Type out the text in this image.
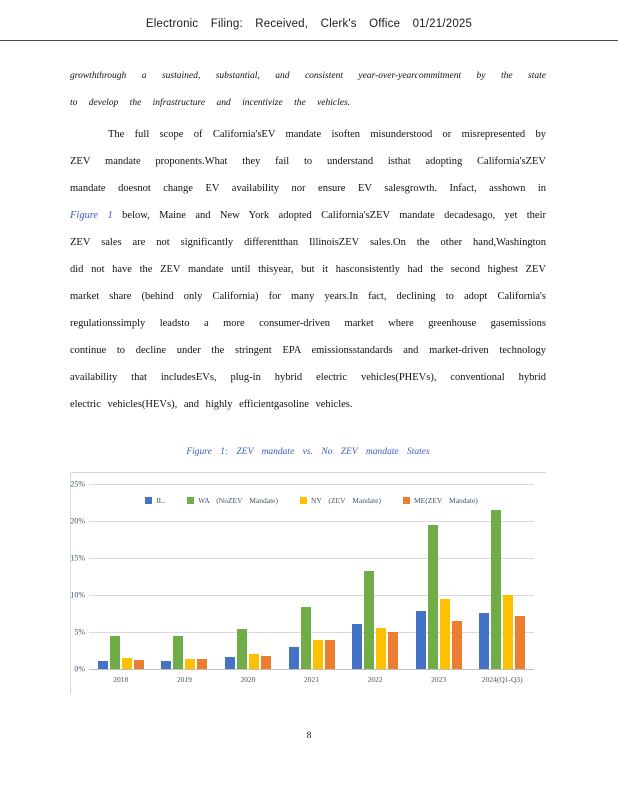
Electronic Filing: Received, Clerk's Office 01/21/2025
growththrough a sustained, substantial, and consistent year-over-yearcommitment by the state
to develop the infrastructure and incentivize the vehicles.
The full scope of California'sEV mandate isoften misunderstood or misrepresented by
ZEV mandate proponents.What they fail to understand isthat adopting California'sZEV
mandate doesnot change EV availability nor ensure EV salesgrowth. Infact, asshown in
Figure 1 below, Maine and New York adopted California'sZEV mandate decadesago, yet their
ZEV sales are not significantly differentthan IllinoisZEV sales.On the other hand,Washington
did not have the ZEV mandate until thisyear, but it hasconsistently had the second highest ZEV
market share (behind only California) for many years.In fact, declining to adopt California's
regulationssimply leadsto a more consumer-driven market where greenhouse gasemissions
continue to decline under the stringent EPA emissionsstandards and market-driven technology
availability that includesEVs, plug-in hybrid electric vehicles(PHEVs), conventional hybrid
electric vehicles(HEVs), and highly efficientgasoline vehicles.
Figure 1: ZEV mandate vs. No ZEV mandate States
25%
20%
15%
10%
5%
0%
IL.	WA (NoZEV Mandate)	NY (ZEV Mandate)	ME(ZEV Mandate)
2018	2019	2020	2021	2022	2023	2024(Q1-Q3)
8
